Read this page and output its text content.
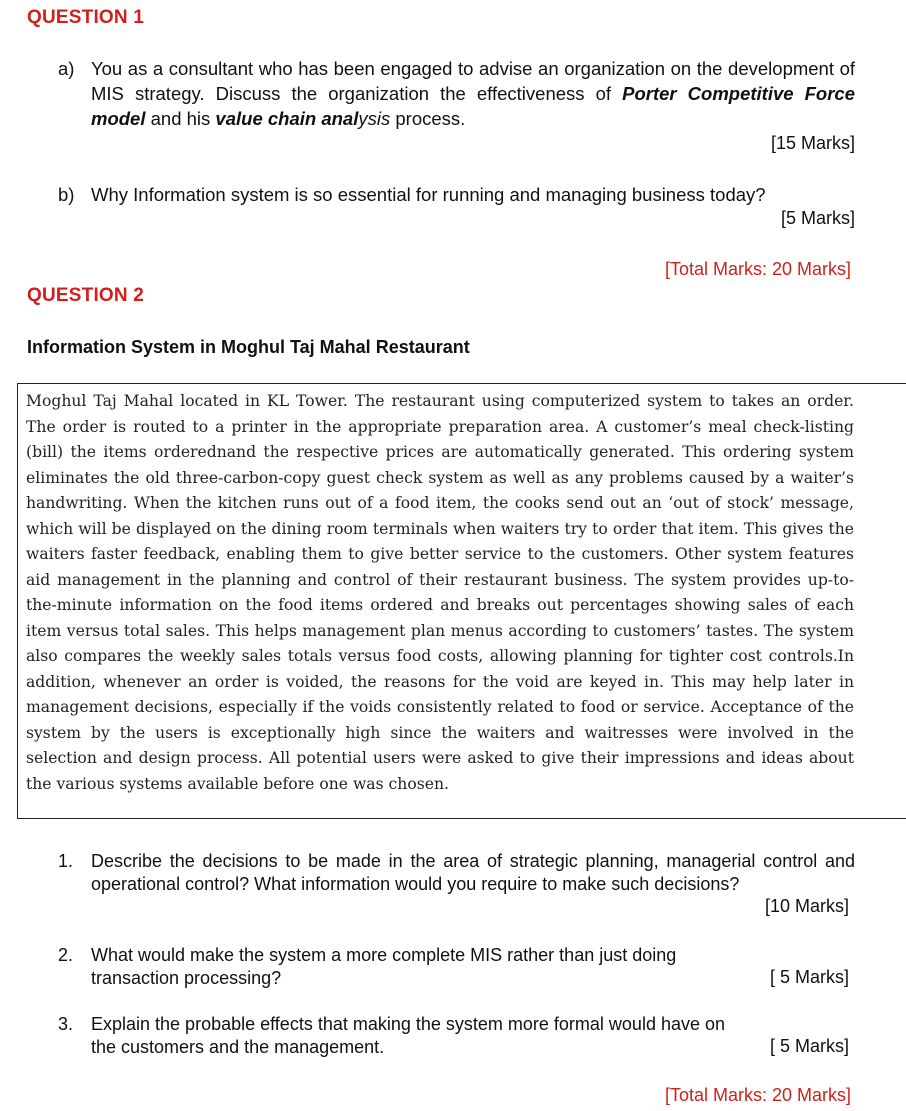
QUESTION 1
a) You as a consultant who has been engaged to advise an organization on the development of MIS strategy. Discuss the organization the effectiveness of Porter Competitive Force model and his value chain analysis process.
[15 Marks]
b) Why Information system is so essential for running and managing business today?
[5 Marks]
[Total Marks: 20 Marks]
QUESTION 2
Information System in Moghul Taj Mahal Restaurant
Moghul Taj Mahal located in KL Tower. The restaurant using computerized system to takes an order. The order is routed to a printer in the appropriate preparation area. A customer’s meal check-listing (bill) the items orderednand the respective prices are automatically generated. This ordering system eliminates the old three-carbon-copy guest check system as well as any problems caused by a waiter’s handwriting. When the kitchen runs out of a food item, the cooks send out an ‘out of stock’ message, which will be displayed on the dining room terminals when waiters try to order that item. This gives the waiters faster feedback, enabling them to give better service to the customers. Other system features aid management in the planning and control of their restaurant business. The system provides up-to-the-minute information on the food items ordered and breaks out percentages showing sales of each item versus total sales. This helps management plan menus according to customers’ tastes. The system also compares the weekly sales totals versus food costs, allowing planning for tighter cost controls.In addition, whenever an order is voided, the reasons for the void are keyed in. This may help later in management decisions, especially if the voids consistently related to food or service. Acceptance of the system by the users is exceptionally high since the waiters and waitresses were involved in the selection and design process. All potential users were asked to give their impressions and ideas about the various systems available before one was chosen.
1. Describe the decisions to be made in the area of strategic planning, managerial control and operational control? What information would you require to make such decisions?
[10 Marks]
2. What would make the system a more complete MIS rather than just doing transaction processing?	[ 5 Marks]
3. Explain the probable effects that making the system more formal would have on the customers and the management.	[ 5 Marks]
[Total Marks: 20 Marks]
